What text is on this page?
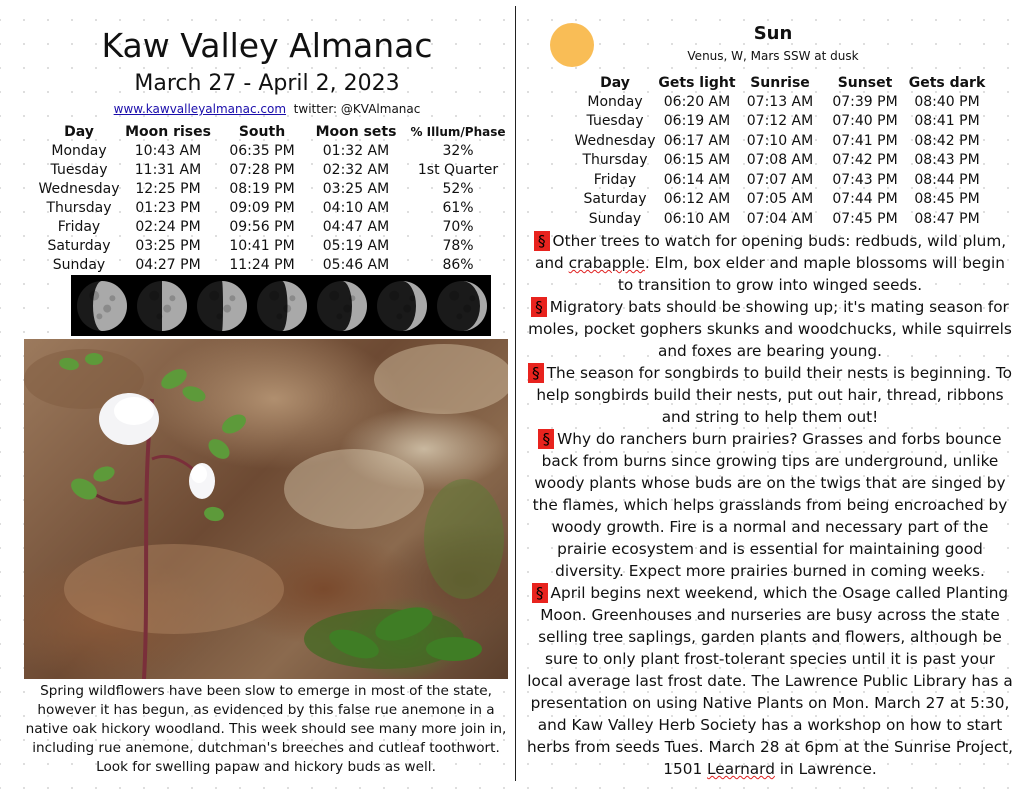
Kaw Valley Almanac
March 27 - April 2, 2023
www.kawvalleyalmanac.com twitter: @KVAlmanac
Day	Moon rises	South	Moon sets	% Illum/Phase
Monday	10:43 AM	06:35 PM	01:32 AM	32%
Tuesday	11:31 AM	07:28 PM	02:32 AM	1st Quarter
Wednesday	12:25 PM	08:19 PM	03:25 AM	52%
Thursday	01:23 PM	09:09 PM	04:10 AM	61%
Friday	02:24 PM	09:56 PM	04:47 AM	70%
Saturday	03:25 PM	10:41 PM	05:19 AM	78%
Sunday	04:27 PM	11:24 PM	05:46 AM	86%
Spring wildflowers have been slow to emerge in most of the state, however it has begun, as evidenced by this false rue anemone in a native oak hickory woodland. This week should see many more join in, including rue anemone, dutchman's breeches and cutleaf toothwort. Look for swelling papaw and hickory buds as well.
Sun
Venus, W, Mars SSW at dusk
Day	Gets light	Sunrise	Sunset	Gets dark
Monday	06:20 AM	07:13 AM	07:39 PM	08:40 PM
Tuesday	06:19 AM	07:12 AM	07:40 PM	08:41 PM
Wednesday	06:17 AM	07:10 AM	07:41 PM	08:42 PM
Thursday	06:15 AM	07:08 AM	07:42 PM	08:43 PM
Friday	06:14 AM	07:07 AM	07:43 PM	08:44 PM
Saturday	06:12 AM	07:05 AM	07:44 PM	08:45 PM
Sunday	06:10 AM	07:04 AM	07:45 PM	08:47 PM

§ Other trees to watch for opening buds: redbuds, wild plum, and crabapple. Elm, box elder and maple blossoms will begin to transition to grow into winged seeds.

§ Migratory bats should be showing up; it's mating season for moles, pocket gophers skunks and woodchucks, while squirrels and foxes are bearing young.

§ The season for songbirds to build their nests is beginning. To help songbirds build their nests, put out hair, thread, ribbons and string to help them out!

§ Why do ranchers burn prairies? Grasses and forbs bounce back from burns since growing tips are underground, unlike woody plants whose buds are on the twigs that are singed by the flames, which helps grasslands from being encroached by woody growth. Fire is a normal and necessary part of the prairie ecosystem and is essential for maintaining good diversity. Expect more prairies burned in coming weeks.

§ April begins next weekend, which the Osage called Planting Moon. Greenhouses and nurseries are busy across the state selling tree saplings, garden plants and flowers, although be sure to only plant frost-tolerant species until it is past your local average last frost date. The Lawrence Public Library has a presentation on using Native Plants on Mon. March 27 at 5:30, and Kaw Valley Herb Society has a workshop on how to start herbs from seeds Tues. March 28 at 6pm at the Sunrise Project, 1501 Learnard in Lawrence.
